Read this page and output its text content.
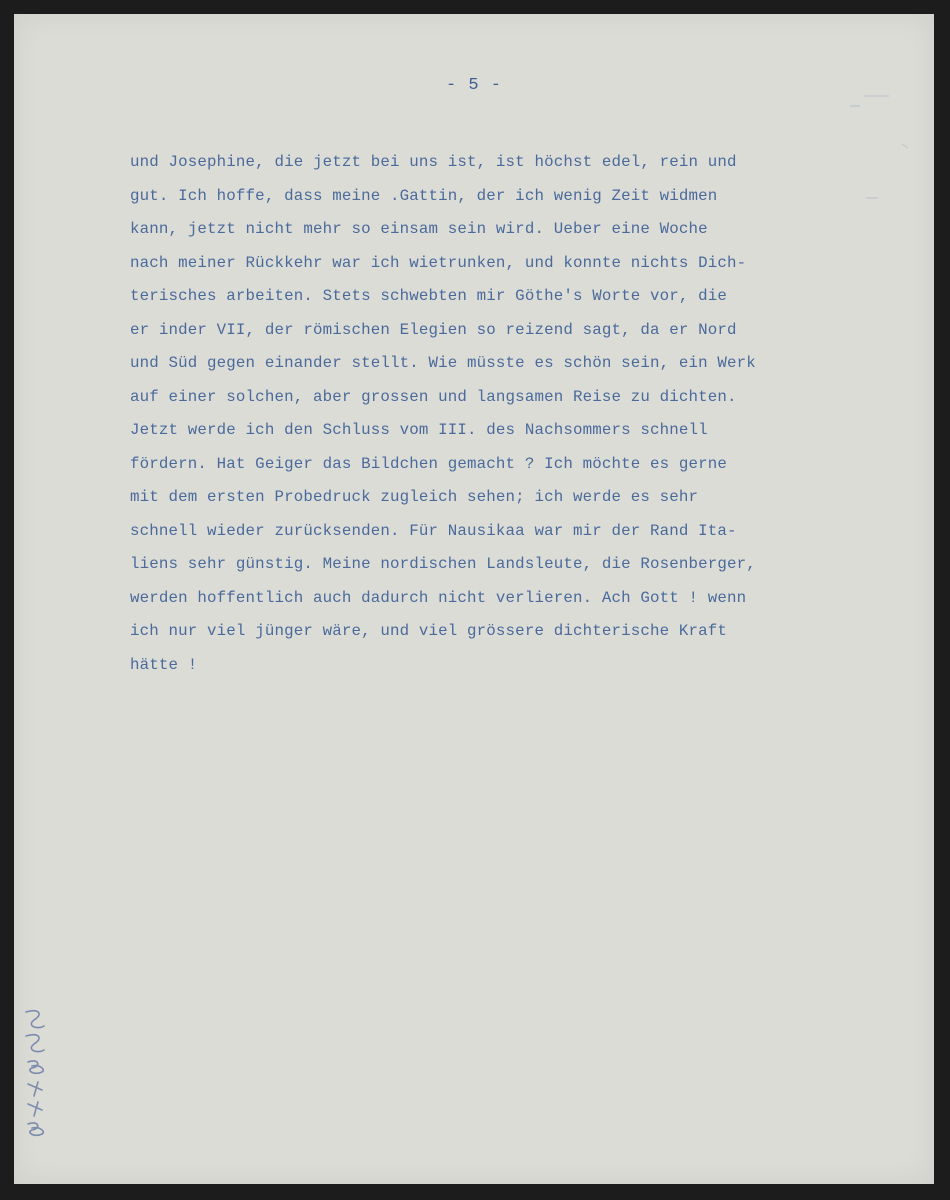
- 5 -

und Josephine, die jetzt bei uns ist, ist höchst edel, rein und
gut. Ich hoffe, dass meine .Gattin, der ich wenig Zeit widmen
kann, jetzt nicht mehr so einsam sein wird. Ueber eine Woche
nach meiner Rückkehr war ich wietrunken, und konnte nichts Dich-
terisches arbeiten. Stets schwebten mir Göthe's Worte vor, die
er inder VII, der römischen Elegien so reizend sagt, da er Nord
und Süd gegen einander stellt. Wie müsste es schön sein, ein Werk
auf einer solchen, aber grossen und langsamen Reise zu dichten.
Jetzt werde ich den Schluss vom III. des Nachsommers schnell
fördern. Hat Geiger das Bildchen gemacht ? Ich möchte es gerne
mit dem ersten Probedruck zugleich sehen; ich werde es sehr
schnell wieder zurücksenden. Für Nausikaa war mir der Rand Ita-
liens sehr günstig. Meine nordischen Landsleute, die Rosenberger,
werden hoffentlich auch dadurch nicht verlieren. Ach Gott ! wenn
ich nur viel jünger wäre, und viel grössere dichterische Kraft
hätte !
